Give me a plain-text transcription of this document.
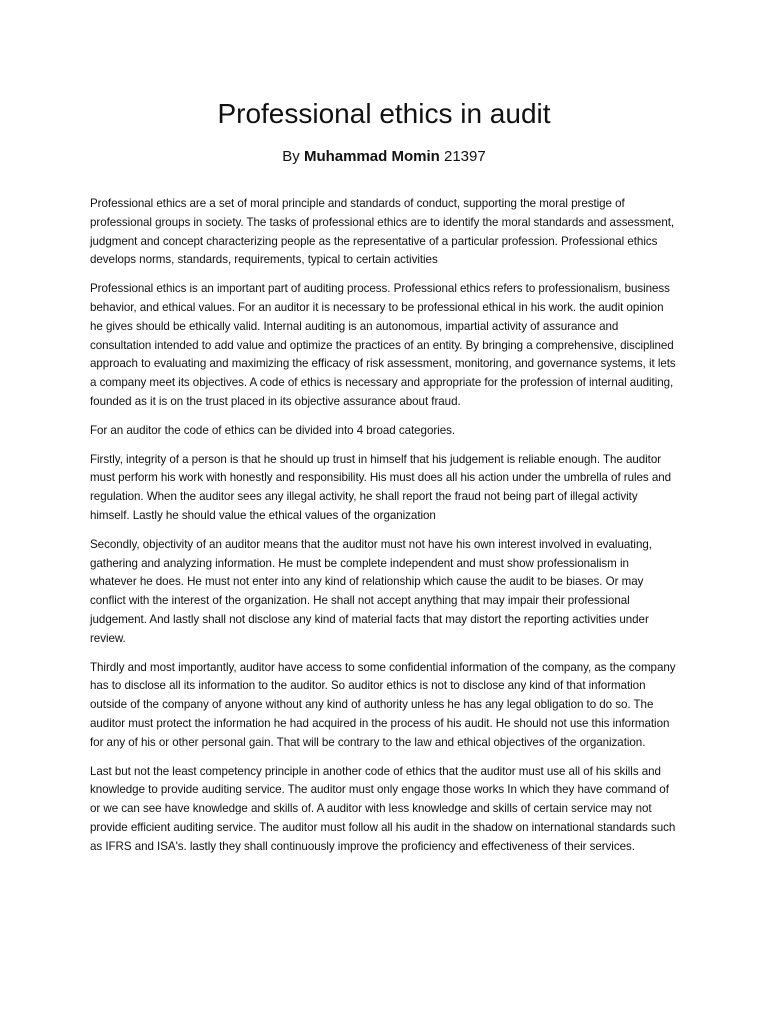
Professional ethics in audit
By Muhammad Momin 21397

Professional ethics are a set of moral principle and standards of conduct, supporting the moral prestige of professional groups in society. The tasks of professional ethics are to identify the moral standards and assessment, judgment and concept characterizing people as the representative of a particular profession. Professional ethics develops norms, standards, requirements, typical to certain activities

Professional ethics is an important part of auditing process. Professional ethics refers to professionalism, business behavior, and ethical values. For an auditor it is necessary to be professional ethical in his work. the audit opinion he gives should be ethically valid. Internal auditing is an autonomous, impartial activity of assurance and consultation intended to add value and optimize the practices of an entity. By bringing a comprehensive, disciplined approach to evaluating and maximizing the efficacy of risk assessment, monitoring, and governance systems, it lets a company meet its objectives. A code of ethics is necessary and appropriate for the profession of internal auditing, founded as it is on the trust placed in its objective assurance about fraud.

For an auditor the code of ethics can be divided into 4 broad categories.

Firstly, integrity of a person is that he should up trust in himself that his judgement is reliable enough. The auditor must perform his work with honestly and responsibility. His must does all his action under the umbrella of rules and regulation. When the auditor sees any illegal activity, he shall report the fraud not being part of illegal activity himself. Lastly he should value the ethical values of the organization

Secondly, objectivity of an auditor means that the auditor must not have his own interest involved in evaluating, gathering and analyzing information. He must be complete independent and must show professionalism in whatever he does. He must not enter into any kind of relationship which cause the audit to be biases. Or may conflict with the interest of the organization. He shall not accept anything that may impair their professional judgement. And lastly shall not disclose any kind of material facts that may distort the reporting activities under review.

Thirdly and most importantly, auditor have access to some confidential information of the company, as the company has to disclose all its information to the auditor. So auditor ethics is not to disclose any kind of that information outside of the company of anyone without any kind of authority unless he has any legal obligation to do so. The auditor must protect the information he had acquired in the process of his audit. He should not use this information for any of his or other personal gain. That will be contrary to the law and ethical objectives of the organization.

Last but not the least competency principle in another code of ethics that the auditor must use all of his skills and knowledge to provide auditing service. The auditor must only engage those works In which they have command of or we can see have knowledge and skills of. A auditor with less knowledge and skills of certain service may not provide efficient auditing service. The auditor must follow all his audit in the shadow on international standards such as IFRS and ISA's. lastly they shall continuously improve the proficiency and effectiveness of their services.
